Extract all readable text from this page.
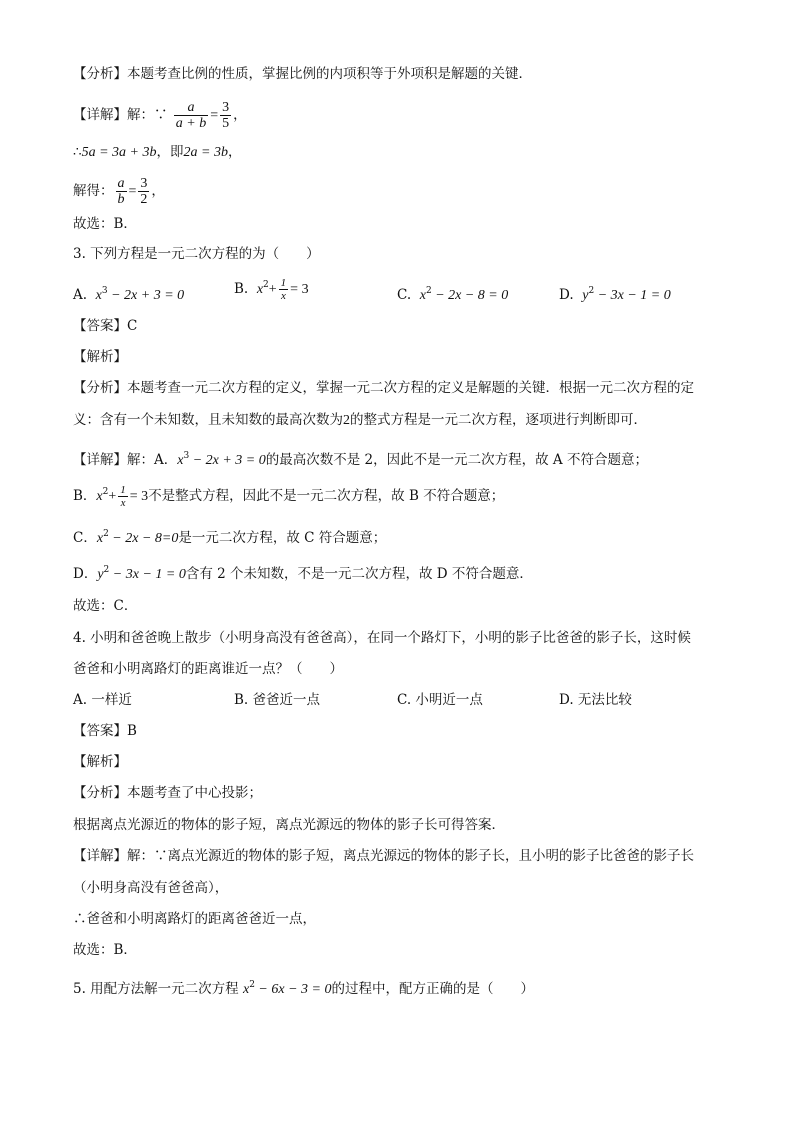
【分析】本题考查比例的性质，掌握比例的内项积等于外项积是解题的关键．
【详解】解：∵ $\frac{a}{a + b} = \frac{3}{5}$ ，
∴5a = 3a + 3b，即2a = 3b，
解得： $\frac{a}{b} = \frac{3}{2}$ ，
故选：B．
3. 下列方程是一元二次方程的为（　　）
A. $x^3 - 2x + 3 = 0$	B. $x^2+ \frac{1}{x} = 3$	C. $x^2 - 2x - 8 = 0$	D. $y^2 - 3x - 1 = 0$
【答案】C
【解析】
【分析】本题考查一元二次方程的定义，掌握一元二次方程的定义是解题的关键．根据一元二次方程的定
义：含有一个未知数，且未知数的最高次数为2的整式方程是一元二次方程，逐项进行判断即可．
【详解】解：A．$x^3 - 2x + 3 = 0$的最高次数不是 2，因此不是一元二次方程，故 A 不符合题意；
B．$x^2+ \frac{1}{x} = 3$不是整式方程，因此不是一元二次方程，故 B 不符合题意；
C．$x^2 - 2x - 8=0$是一元二次方程，故 C 符合题意；
D．$y^2 - 3x - 1 = 0$含有 2 个未知数，不是一元二次方程，故 D 不符合题意．
故选：C．
4. 小明和爸爸晚上散步（小明身高没有爸爸高），在同一个路灯下，小明的影子比爸爸的影子长，这时候
爸爸和小明离路灯的距离谁近一点？（　　）
A. 一样近	B. 爸爸近一点	C. 小明近一点	D. 无法比较
【答案】B
【解析】
【分析】本题考查了中心投影；
根据离点光源近的物体的影子短，离点光源远的物体的影子长可得答案．
【详解】解：∵离点光源近的物体的影子短，离点光源远的物体的影子长，且小明的影子比爸爸的影子长
（小明身高没有爸爸高），
∴爸爸和小明离路灯的距离爸爸近一点，
故选：B．
5. 用配方法解一元二次方程 $x^2 - 6x - 3 = 0$的过程中，配方正确的是（　　）
